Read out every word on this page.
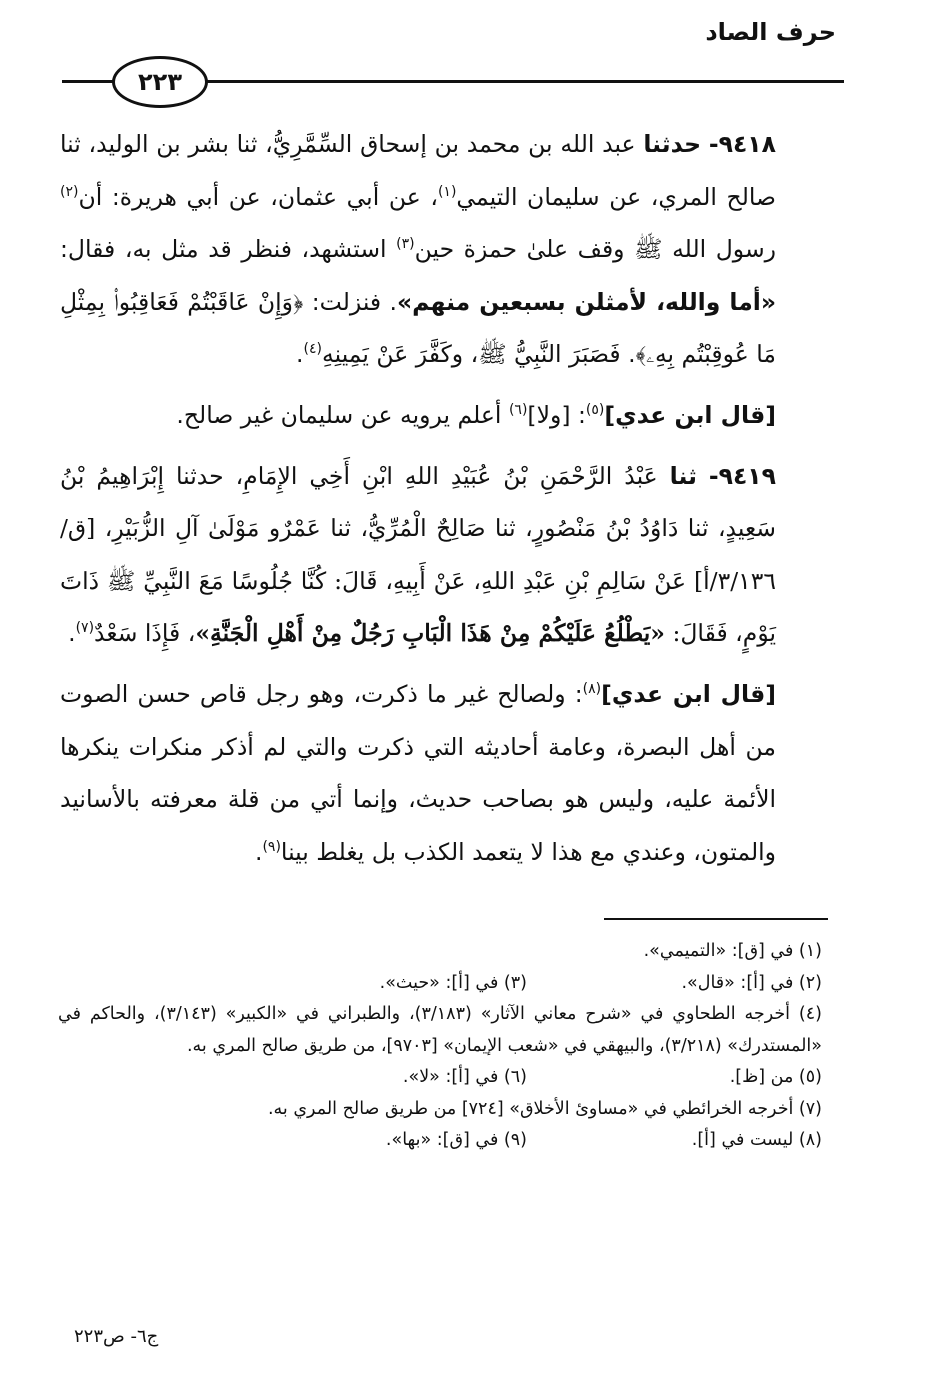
حرف الصاد
٢٢٣

٩٤١٨- حدثنا عبد الله بن محمد بن إسحاق السِّمَّرِيُّ، ثنا بشر بن الوليد، ثنا صالح المري، عن سليمان التيمي$^{(١)}$، عن أبي عثمان، عن أبي هريرة: أن$^{(٢)}$ رسول الله ﷺ وقف علىٰ حمزة حين$^{(٣)}$ استشهد، فنظر قد مثل به، فقال: «أما والله، لأمثلن بسبعين منهم». فنزلت: ﴿وَإِنْ عَاقَبْتُمْ فَعَاقِبُوا۟ بِمِثْلِ مَا عُوقِبْتُم بِهِۦ﴾. فَصَبَرَ النَّبِيُّ ﷺ، وكَفَّرَ عَنْ يَمِينِهِ$^{(٤)}$.

[قال ابن عدي]$^{(٥)}$: [ولا]$^{(٦)}$ أعلم يرويه عن سليمان غير صالح.

٩٤١٩- ثنا عَبْدُ الرَّحْمَنِ بْنُ عُبَيْدِ اللهِ ابْنِ أَخِي الإِمَامِ، حدثنا إِبْرَاهِيمُ بْنُ سَعِيدٍ، ثنا دَاوُدُ بْنُ مَنْصُورٍ، ثنا صَالِحٌ الْمُرِّيُّ، ثنا عَمْرٌو مَوْلَىٰ آلِ الزُّبَيْرِ، [ق/٣/١٣٦/أ] عَنْ سَالِمِ بْنِ عَبْدِ اللهِ، عَنْ أَبِيهِ، قَالَ: كُنَّا جُلُوسًا مَعَ النَّبِيِّ ﷺ ذَاتَ يَوْمٍ، فَقَالَ: «يَطْلُعُ عَلَيْكُمْ مِنْ هَذَا الْبَابِ رَجُلٌ مِنْ أَهْلِ الْجَنَّةِ»، فَإِذَا سَعْدٌ$^{(٧)}$.

[قال ابن عدي]$^{(٨)}$: ولصالح غير ما ذكرت، وهو رجل قاص حسن الصوت من أهل البصرة، وعامة أحاديثه التي ذكرت والتي لم أذكر منكرات ينكرها الأئمة عليه، وليس هو بصاحب حديث، وإنما أتي من قلة معرفته بالأسانيد والمتون، وعندي مع هذا لا يتعمد الكذب بل يغلط بينا$^{(٩)}$.

(١) في [ق]: «التميمي».

(٢) في [أ]: «قال».
(٣) في [أ]: «حيث».

(٤) أخرجه الطحاوي في «شرح معاني الآثار» (٣/١٨٣)، والطبراني في «الكبير» (٣/١٤٣)، والحاكم في «المستدرك» (٣/٢١٨)، والبيهقي في «شعب الإيمان» [٩٧٠٣]، من طريق صالح المري به.

(٥) من [ظ].
(٦) في [أ]: «لا».

(٧) أخرجه الخرائطي في «مساوئ الأخلاق» [٧٢٤] من طريق صالح المري به.

(٨) ليست في [أ].
(٩) في [ق]: «بها».
ج٦- ص٢٢٣
